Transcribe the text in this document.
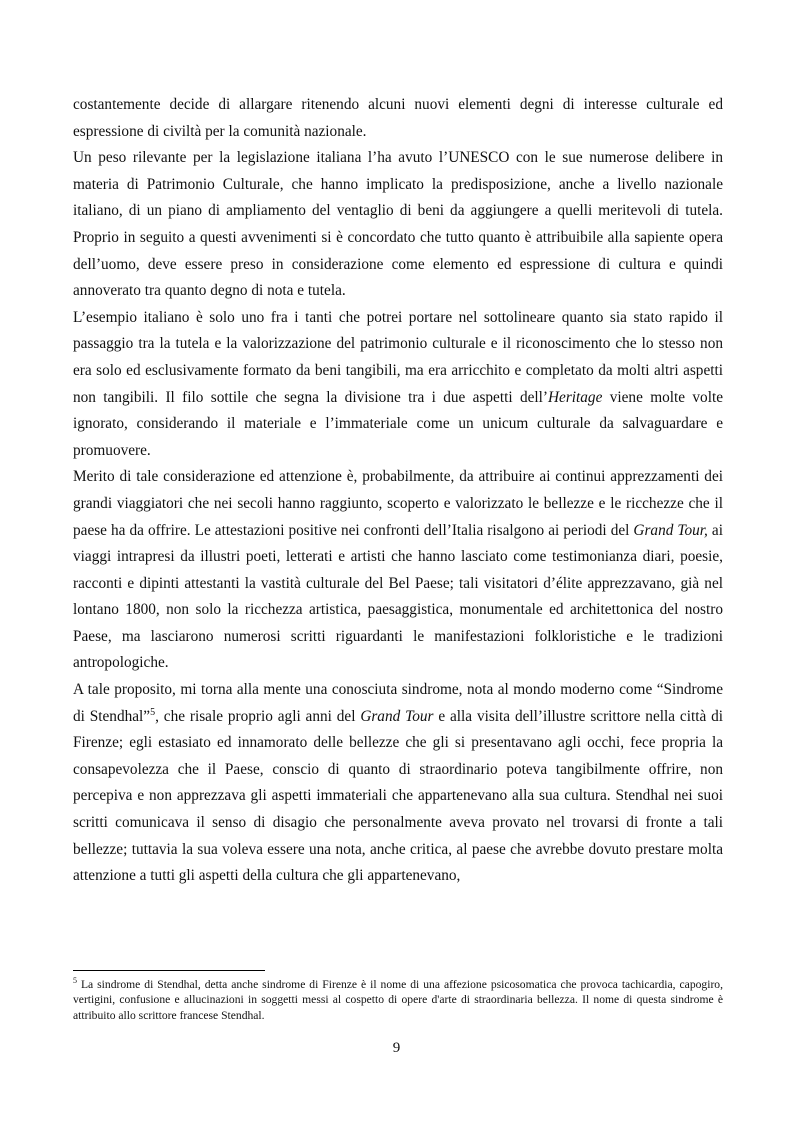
costantemente decide di allargare ritenendo alcuni nuovi elementi degni di interesse culturale ed espressione di civiltà per la comunità nazionale.

Un peso rilevante per la legislazione italiana l’ha avuto l’UNESCO con le sue numerose delibere in materia di Patrimonio Culturale, che hanno implicato la predisposizione, anche a livello nazionale italiano, di un piano di ampliamento del ventaglio di beni da aggiungere a quelli meritevoli di tutela. Proprio in seguito a questi avvenimenti si è concordato che tutto quanto è attribuibile alla sapiente opera dell’uomo, deve essere preso in considerazione come elemento ed espressione di cultura e quindi annoverato tra quanto degno di nota e tutela.

L’esempio italiano è solo uno fra i tanti che potrei portare nel sottolineare quanto sia stato rapido il passaggio tra la tutela e la valorizzazione del patrimonio culturale e il riconoscimento che lo stesso non era solo ed esclusivamente formato da beni tangibili, ma era arricchito e completato da molti altri aspetti non tangibili. Il filo sottile che segna la divisione tra i due aspetti dell’Heritage viene molte volte ignorato, considerando il materiale e l’immateriale come un unicum culturale da salvaguardare e promuovere.

Merito di tale considerazione ed attenzione è, probabilmente, da attribuire ai continui apprezzamenti dei grandi viaggiatori che nei secoli hanno raggiunto, scoperto e valorizzato le bellezze e le ricchezze che il paese ha da offrire. Le attestazioni positive nei confronti dell’Italia risalgono ai periodi del Grand Tour, ai viaggi intrapresi da illustri poeti, letterati e artisti che hanno lasciato come testimonianza diari, poesie, racconti e dipinti attestanti la vastità culturale del Bel Paese; tali visitatori d’élite apprezzavano, già nel lontano 1800, non solo la ricchezza artistica, paesaggistica, monumentale ed architettonica del nostro Paese, ma lasciarono numerosi scritti riguardanti le manifestazioni folkloristiche e le tradizioni antropologiche.

A tale proposito, mi torna alla mente una conosciuta sindrome, nota al mondo moderno come “Sindrome di Stendhal”$^5$, che risale proprio agli anni del Grand Tour e alla visita dell’illustre scrittore nella città di Firenze; egli estasiato ed innamorato delle bellezze che gli si presentavano agli occhi, fece propria la consapevolezza che il Paese, conscio di quanto di straordinario poteva tangibilmente offrire, non percepiva e non apprezzava gli aspetti immateriali che appartenevano alla sua cultura. Stendhal nei suoi scritti comunicava il senso di disagio che personalmente aveva provato nel trovarsi di fronte a tali bellezze; tuttavia la sua voleva essere una nota, anche critica, al paese che avrebbe dovuto prestare molta attenzione a tutti gli aspetti della cultura che gli appartenevano,

$^5$ La sindrome di Stendhal, detta anche sindrome di Firenze è il nome di una affezione psicosomatica che provoca tachicardia, capogiro, vertigini, confusione e allucinazioni in soggetti messi al cospetto di opere d'arte di straordinaria bellezza. Il nome di questa sindrome è attribuito allo scrittore francese Stendhal.

9
